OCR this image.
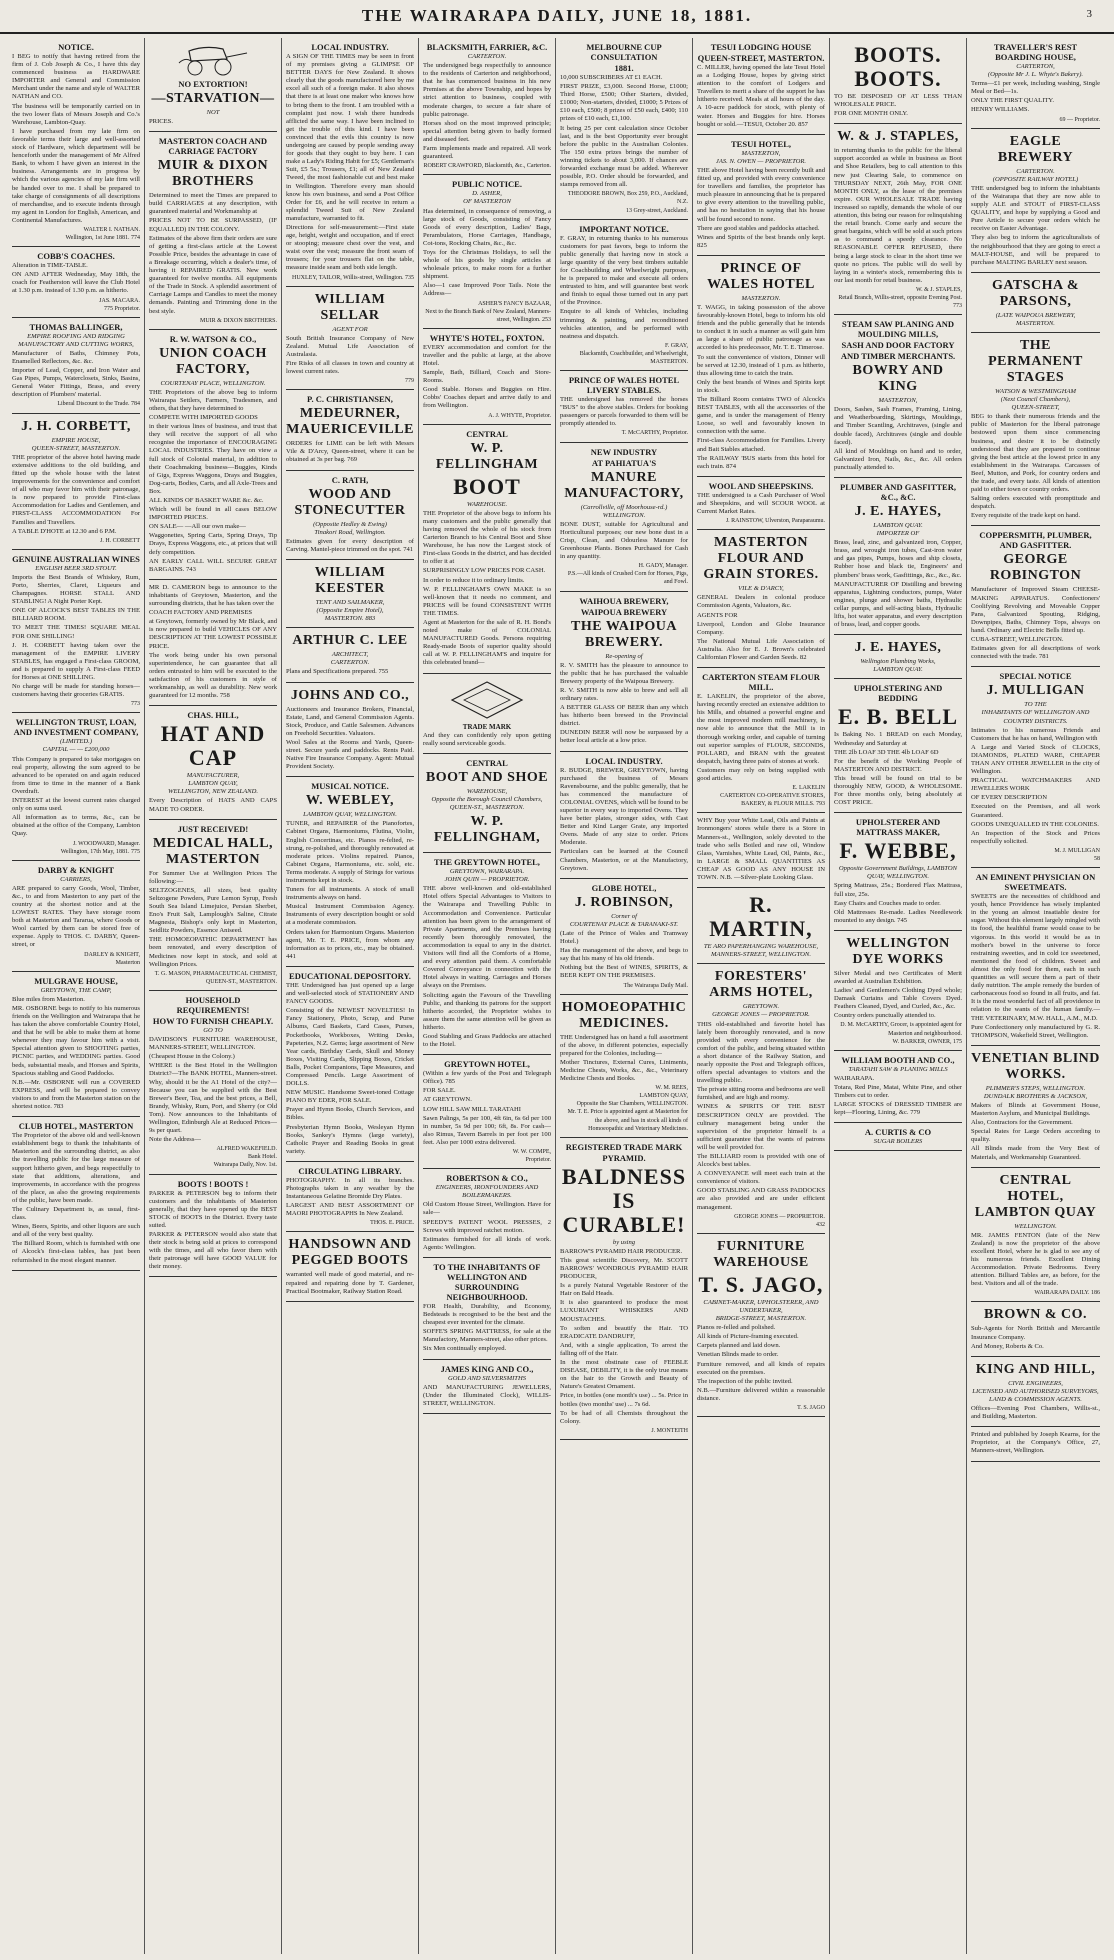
THE WAIRARAPA DAILY, JUNE 18, 1881.	3
NOTICE.

I BEG to notify that having retired from the firm of J. Cob Joseph & Co., I have this day commenced business as HARDWARE IMPORTER and General and Commission Merchant under the name and style of WALTER NATHAN and CO.

The business will be temporarily carried on in the two lower flats of Messrs Joseph and Co.'s Warehouse, Lambton-Quay.

I have purchased from my late firm on favorable terms their large and well-assorted stock of Hardware, which department will be henceforth under the management of Mr Alfred Bank, to whom I have given an interest in the business. Arrangements are in progress by which the various agencies of my late firm will be handed over to me. I shall be prepared to take charge of consignments of all descriptions of merchandise, and to execute indents through my agent in London for English, American, and Continental Manufactures.

WALTER I. NATHAN.
Wellington, 1st June 1881. 774
COBB'S COACHES.

Alteration in TIME-TABLE.

ON AND AFTER Wednesday, May 18th, the coach for Featherston will leave the Club Hotel at 1.30 p.m. instead of 1.30 p.m. as hitherto.

JAS. MACARA.
775 Proprietor.
THOMAS BALLINGER,
EMPIRE ROOFING AND RIDGING MANUFACTORY AND CUTTING WORKS,

Manufacturer of Baths, Chimney Pots, Enamelled Reflectors, &c. &c.

Importer of Lead, Copper, and Iron Water and Gas Pipes, Pumps, Waterclosets, Sinks, Basins, General Water Fittings, Brass, and every description of Plumbers' material.

Liberal Discount to the Trade. 784
J. H. CORBETT,
EMPIRE HOUSE,
QUEEN-STREET, MASTERTON.

THE proprietor of the above hotel having made extensive additions to the old building, and fitted up the whole house with the latest improvements for the convenience and comfort of all who may favor him with their patronage, is now prepared to provide First-class Accommodation for Ladies and Gentlemen, and FIRST-CLASS ACCOMMODATION For Families and Travellers.

A TABLE D'HOTE at 12.30 and 6 P.M.

J. H. CORBETT
GENUINE AUSTRALIAN WINES
ENGLISH BEER 3RD STOUT.

Imports the Best Brands of Whiskey, Rum, Porto, Sherries, Claret, Liqueurs and Champagnes. HORSE STALL AND STABLING! A Night Porter Kept.

ONE OF ALCOCK'S BEST TABLES IN THE BILLIARD ROOM.

TO MEET THE TIMES! SQUARE MEAL FOR ONE SHILLING!

J. H. CORBETT having taken over the management of the EMPIRE LIVERY STABLES, has engaged a First-class GROOM, and is prepared to supply A First-class FEED for Horses at ONE SHILLING.

No charge will be made for standing horses—customers having their groceries GRATIS.

773
WELLINGTON TRUST, LOAN, AND INVESTMENT COMPANY,
(LIMITED.)
CAPITAL — — £200,000

This Company is prepared to take mortgages on real property, allowing the sum agreed to be advanced to be operated on and again reduced from time to time in the manner of a Bank Overdraft.

INTEREST at the lowest current rates charged only on sums used.

All information as to terms, &c., can be obtained at the office of the Company, Lambton Quay.

J. WOODWARD, Manager.
Wellington, 17th May, 1881. 775
DARBY & KNIGHT
CARRIERS,

ARE prepared to carry Goods, Wool, Timber, &c., to and from Masterton to any part of the country at the shortest notice and at the LOWEST RATES. They have storage room both at Masterton and Tararua, where Goods or Wool carried by them can be stored free of expense. Apply to THOS. C. DARBY, Queen-street, or

DARLEY & KNIGHT,
Masterton
MULGRAVE HOUSE,
GREYTOWN, THE CAMP,

Blue miles from Masterton.

MR. OSBORNE begs to notify to his numerous friends on the Wellington and Wairarapa that he has taken the above comfortable Country Hotel, and that he will be able to make them at home whenever they may favour him with a visit. Special attention given to SHOOTING parties, PICNIC parties, and WEDDING parties. Good beds, substantial meals, and Horses and Spirits, Spacious stabling and Good Paddocks.

N.B.—Mr. OSBORNE will run a COVERED EXPRESS, and will be prepared to convey visitors to and from the Masterton station on the shortest notice. 783

CLUB HOTEL, MASTERTON

The Proprietor of the above old and well-known establishment begs to thank the inhabitants of Masterton and the surrounding district, as also the travelling public for the large measure of support hitherto given, and begs respectfully to state that additions, alterations, and improvements, in accordance with the progress of the place, as also the growing requirements of the public, have been made.

The Culinary Department is, as usual, first-class.

Wines, Beers, Spirits, and other liquors are such and all of the very best quality.

The Billiard Room, which is furnished with one of Alcock's first-class tables, has just been refurnished in the most elegant manner.

NO EXTORTION!
—STARVATION—
NOT

PRICES.

MASTERTON COACH AND CARRIAGE FACTORY
MUIR & DIXON BROTHERS

Determined to meet the Times are prepared to build CARRIAGES at any description, with guaranteed material and Workmanship at

PRICES NOT TO BE SURPASSED, (IF EQUALLED) IN THE COLONY.

Estimates of the above firm their orders are sure of getting a first-class article at the Lowest Possible Price, besides the advantage in case of a Breakage occurring, which a dealer's time, of having it REPAIRED GRATIS. New work guaranteed for twelve months. All equipments of the Trade in Stock. A splendid assortment of Carriage Lamps and Candles to meet the money demands. Painting and Trimming done in the best style.

MUIR & DIXON BROTHERS.
R. W. WATSON & CO.,
UNION COACH FACTORY,
COURTENAY PLACE, WELLINGTON.

THE Proprietors of the above beg to inform Wairarapa Settlers, Farmers, Tradesmen, and others, that they have determined to

COMPETE WITH IMPORTED GOODS

in their various lines of business, and trust that they will receive the support of all who recognise the importance of ENCOURAGING LOCAL INDUSTRIES. They have on view a full stock of Colonial material, in addition to their Coachmaking business—Buggies, Kinds of Gigs, Express Waggons, Drays and Buggies, Dog-carts, Bodies, Carts, and all Axle-Trees and Box.

ALL KINDS OF BASKET WARE &c. &c.

Which will be found in all cases BELOW IMPORTED PRICES.

ON SALE— —All our own make—

Waggonettes, Spring Carts, Spring Drays, Tip Drays, Express Waggons, etc., at prices that will defy competition.

AN EARLY CALL WILL SECURE GREAT BARGAINS. 743

MR D. CAMERON begs to announce to the inhabitants of Greytown, Masterton, and the surrounding districts, that he has taken over the

COACH FACTORY AND PREMISES

at Greytown, formerly owned by Mr Black, and is now prepared to build VEHICLES OF ANY DESCRIPTION AT THE LOWEST POSSIBLE PRICE.

The work being under his own personal superintendence, he can guarantee that all orders entrusted to him will be executed to the satisfaction of his customers in style of workmanship, as well as durability. New work guaranteed for 12 months. 758

CHAS. HILL,
HAT AND CAP
MANUFACTURER,
LAMBTON QUAY,
WELLINGTON, NEW ZEALAND.

Every Description of HATS AND CAPS MADE TO ORDER.

JUST RECEIVED!
MEDICAL HALL, MASTERTON

For Summer Use at Wellington Prices The following:—

SELTZOGENES, all sizes, best quality Seltzogene Powders, Pure Lemon Syrup, Fresh South Sea Island Limejuice, Persian Sherbet, Eno's Fruit Salt, Lamplough's Saline, Citrate Magnesia, Bishop's only kept in Masterton, Seidlitz Powders, Essence Aniseed.

THE HOMOEOPATHIC DEPARTMENT has been renovated, and every description of Medicines now kept in stock, and sold at Wellington Prices.

T. G. MASON, PHARMACEUTICAL CHEMIST, QUEEN-ST., MASTERTON.
HOUSEHOLD REQUIREMENTS!
HOW TO FURNISH CHEAPLY.
GO TO

DAVIDSON'S FURNITURE WAREHOUSE, MANNERS-STREET, WELLINGTON.

(Cheapest House in the Colony.)

WHERE is the Best Hotel in the Wellington District?—The BANK HOTEL, Manners-street. Why, should it be the A1 Hotel of the city?—Because you can be supplied with the Best Brewer's Beer, Tea, and the best prices, a Bell, Brandy, Whisky, Rum, Port, and Sherry (or Old Tom). Now announces to the Inhabitants of Wellington, Edinburgh Ale at Reduced Prices—9s per quart.

Note the Address—

ALFRED WAKEFIELD.
Bank Hotel.
Wairarapa Daily, Nov. 1st.
BOOTS ! BOOTS !

PARKER & PETERSON beg to inform their customers and the inhabitants of Masterton generally, that they have opened up the BEST STOCK of BOOTS in the District. Every taste suited.

PARKER & PETERSON would also state that their stock is being sold at prices to correspond with the times, and all who favor them with their patronage will have GOOD VALUE for their money.

LOCAL INDUSTRY.

A SIGN OF THE TIMES may be seen in front of my premises giving a GLIMPSE OF BETTER DAYS for New Zealand. It shows clearly that the goods manufactured here by me excel all such of a foreign make. It also shows that there is at least one maker who knows how to bring them to the front. I am troubled with a complaint just now. I wish there hundreds afflicted the same way. I have been inclined to get the trouble of this kind. I have been convinced that the evils this country is now undergoing are caused by people sending away for goods that they ought to buy here. I can make a Lady's Riding Habit for £5; Gentleman's Suit, £5 5s.; Trousers, £1; all of New Zealand Tweed, the most fashionable cut and best make in Wellington. Therefore every man should know his own business, and send a Post Office Order for £6, and he will receive in return a splendid Tweed Suit of New Zealand manufacture, warranted to fit.

Directions for self-measurement:—First state age, height, weight and occupation, and if erect or stooping; measure chest over the vest, and waist over the vest; measure the front seam of trousers; for your trousers flat on the table, measure inside seam and both side length.

HUXLEY, TAILOR, Willis-street, Wellington. 735
WILLIAM SELLAR
AGENT FOR

South British Insurance Company of New Zealand. Mutual Life Association of Australasia.

Fire Risks of all classes in town and country at lowest current rates.

779
P. C. CHRISTIANSEN,
MEDEURNER, MAUERICEVILLE

ORDERS for LIME can be left with Messrs Vile & D'Arcy, Queen-street, where it can be obtained at 3s per bag. 769

C. RATH,
WOOD AND STONECUTTER
(Opposite Hedley & Ewing)
Tinakori Road, Wellington.

Estimates given for every description of Carving. Mantel-piece trimmed on the spot. 741

WILLIAM KEESTER
TENT AND SAILMAKER,
(Opposite Empire Hotel),
MASTERTON. 883
ARTHUR C. LEE
ARCHITECT,
CARTERTON.

Plans and Specifications prepared. 755

JOHNS AND CO.,

Auctioneers and Insurance Brokers, Financial, Estate, Land, and General Commission Agents. Stock, Produce, and Cattle Salesmen. Advances on Freehold Securities. Valuators.

Wool Sales at the Rooms and Yards, Queen-street. Secure yards and paddocks. Rents Paid. Native Fire Insurance Company. Agent: Mutual Provident Society.

MUSICAL NOTICE.
W. WEBLEY,
LAMBTON QUAY, WELLINGTON.

TUNER, and REPAIRER of the Pianofortes, Cabinet Organs, Harmoniums, Flutina, Violin, English Concertinas, etc. Pianos re-felted, re-strung, re-polished, and thoroughly renovated at moderate prices. Violins repaired. Pianos, Cabinet Organs, Harmoniums, etc. sold, etc. Terms moderate. A supply of Strings for various instruments kept in stock.

Tuners for all instruments. A stock of small instruments always on hand.

Musical Instrument Commission Agency. Instruments of every description bought or sold at a moderate commission.

Orders taken for Harmonium Organs. Masterton agent, Mr. T. E. PRICE, from whom any information as to prices, etc., may be obtained. 441

EDUCATIONAL DEPOSITORY.

THE Undersigned has just opened up a large and well-selected stock of STATIONERY AND FANCY GOODS.

Consisting of the NEWEST NOVELTIES! In Fancy Stationery, Photo, Scrap, and Purse Albums, Card Baskets, Card Cases, Purses, Pocketbooks, Workboxes, Writing Desks, Papeteries, N.Z. Gems; large assortment of New Year cards, Birthday Cards, Skull and Money Boxes, Visiting Cards, Slipping Boxes, Cricket Balls, Pocket Companions, Tape Measures, and Compressed Pencils. Large Assortment of DOLLS.

NEW MUSIC. Handsome Sweet-toned Cottage PIANO BY EDER, FOR SALE.

Prayer and Hymn Books, Church Services, and Bibles.

Presbyterian Hymn Books, Wesleyan Hymn Books, Sankey's Hymns (large variety), Catholic Prayer and Reading Books in great variety.

CIRCULATING LIBRARY.

PHOTOGRAPHY. In all its branches. Photographs taken in any weather by the Instantaneous Gelatine Bromide Dry Plates.

LARGEST AND BEST ASSORTMENT OF MAORI PHOTOGRAPHS In New Zealand.

THOS. E. PRICE.
HANDSOWN AND PEGGED BOOTS

warranted well made of good material, and re-repaired and repairing done by T. Gardener, Practical Bootmaker, Railway Station Road.

BLACKSMITH, FARRIER, &C.
CARTERTON.

The undersigned begs respectfully to announce to the residents of Carterton and neighborhood, that he has commenced business in his new Premises at the above Township, and hopes by strict attention to business, coupled with moderate charges, to secure a fair share of public patronage.

Horses shod on the most improved principle; special attention being given to badly formed and diseased feet.

Farm implements made and repaired. All work guaranteed.

ROBERT CRAWFORD, Blacksmith, &c., Carterton.
PUBLIC NOTICE.
D. ASHER,
OF MASTERTON

Has determined, in consequence of removing, a large stock of Goods, consisting of Fancy Goods of every description, Ladies' Bags, Perambulators, Horse Carriages, Handbags, Cot-tons, Rocking Chairs, &c., &c.

Toys for the Christmas Holidays, to sell the whole of his goods by single articles at wholesale prices, to make room for a further shipment.

Also—1 case Improved Poor Tails. Note the Address—

ASHER'S FANCY BAZAAR,
Next to the Branch Bank of New Zealand, Manners-street, Wellington. 253
WHYTE'S HOTEL, FOXTON.

EVERY accommodation and comfort for the traveller and the public at large, at the above Hotel.

Sample, Bath, Billiard, Coach and Store-Rooms.

Good Stable. Horses and Buggies on Hire. Cobbs' Coaches depart and arrive daily to and from Wellington.

A. J. WHYTE, Proprietor.
CENTRAL
W. P. FELLINGHAM
BOOT
WAREHOUSE.

THE Proprietor of the above begs to inform his many customers and the public generally that having removed the whole of his stock from Carterton Branch to his Central Boot and Shoe Warehouse, he has now the Largest stock of First-class Goods in the district, and has decided to offer it at

SURPRISINGLY LOW PRICES FOR CASH.

In order to reduce it to ordinary limits.

W. P. FELLINGHAM'S OWN MAKE is so well-known that it needs no comment, and PRICES will be found CONSISTENT WITH THE TIMES.

Agent at Masterton for the sale of R. H. Bond's noted make of COLONIAL MANUFACTURED Goods. Persons requiring Ready-made Boots of superior quality should call at W. P. FELLINGHAM'S and inquire for this celebrated brand—

TRADE MARK

And they can confidently rely upon getting really sound serviceable goods.

CENTRAL
BOOT AND SHOE
WAREHOUSE,
Opposite the Borough Council Chambers,
QUEEN-ST., MASTERTON.
W. P. FELLINGHAM,
THE GREYTOWN HOTEL,
GREYTOWN, WAIRARAPA.
JOHN QUIN — PROPRIETOR.

THE above well-known and old-established Hotel offers Special Advantages to Visitors to the Wairarapa and Travelling Public in Accommodation and Convenience. Particular attention has been given to the arrangement of Private Apartments, and the Premises having recently been thoroughly renovated, the accommodation is equal to any in the district. Visitors will find all the Comforts of a Home, and every attention paid them. A comfortable Covered Conveyance in connection with the Hotel always in waiting. Carriages and Horses always on the Premises.

Soliciting again the Favours of the Travelling Public, and thanking its patrons for the support hitherto accorded, the Proprietor wishes to assure them the same attention will be given as hitherto.

Good Stabling and Grass Paddocks are attached to the Hotel.

GREYTOWN HOTEL,

(Within a few yards of the Post and Telegraph Office). 785

FOR SALE.

AT GREYTOWN.

LOW HILL SAW MILL TARATAHI

Sawn Palings, 5s per 100, 4ft 6in, 6s 6d per 100 in number, 5s 9d per 100; 6ft, 8s. For cash—also Rimus, Tavern Barrels in per foot per 100 feet. Also per 1000 extra delivered.

W. W. COMPE,
Proprietor.
ROBERTSON & CO.,
ENGINEERS, IRONFOUNDERS AND BOILERMAKERS.

Old Custom House Street, Wellington. Have for sale—

SPEEDY'S PATENT WOOL PRESSES, 2 Screws with improved ratchet motion.

Estimates furnished for all kinds of work. Agents: Wellington.

TO THE INHABITANTS OF WELLINGTON AND SURROUNDING NEIGHBOURHOOD.

FOR Health, Durability, and Economy, Bedsteads is recognised to be the best and the cheapest ever invented for the climate.

SOFFE'S SPRING MATTRESS, for sale at the Manufactory, Manners-street, also other prices.

Six Men continually employed.

JAMES KING AND CO.,
GOLD AND SILVERSMITHS

AND MANUFACTURING JEWELLERS, (Under the Illuminated Clock), WILLIS-STREET, WELLINGTON.

MELBOURNE CUP CONSULTATION
1881.

10,000 SUBSCRIBERS AT £1 EACH.

FIRST PRIZE, £3,000. Second Horse, £1000; Third Horse, £500; Other Starters, divided, £1000; Non-starters, divided, £1000; 5 Prizes of £10 each, £500; 8 prizes of £50 each, £400; 110 prizes of £10 each, £1,100.

It being 25 per cent calculation since October last, and is the best Opportunity ever brought before the public in the Australian Colonies. The 150 extra prizes brings the number of winning tickets to about 3,000. If chances are forwarded exchange must be added. Wherever possible, P.O. Order should be forwarded, and stamps removed from all.

THEODORE BROWN, Box 259, P.O., Auckland, N.Z.
13 Grey-street, Auckland.
IMPORTANT NOTICE.

F. GRAY, in returning thanks to his numerous customers for past favors, begs to inform the public generally that having now in stock a large quantity of the very best timbers suitable for Coachbuilding and Wheelwright purposes, he is prepared to make and execute all orders entrusted to him, and will guarantee best work and finish to equal those turned out in any part of the Province.

Enquire to all kinds of Vehicles, including trimming & painting, and reconditioned vehicles attention, and be performed with neatness and dispatch.

F. GRAY,
Blacksmith, Coachbuilder, and Wheelwright, MASTERTON.
PRINCE OF WALES HOTEL LIVERY STABLES.

THE undersigned has removed the horses "BUS" to the above stables. Orders for booking passengers or parcels forwarded to them will be promptly attended to.

T. McCARTHY, Proprietor.
NEW INDUSTRY
AT PAHIATUA'S
MANURE MANUFACTORY,
(Carrollville, off Moorhouse-rd.)
WELLINGTON.

BONE DUST, suitable for Agricultural and Horticultural purposes; our new bone dust in a Crisp, Clean, and Odourless Manure for Greenhouse Plants. Bones Purchased for Cash in any quantity.

H. GADY, Manager.
P.S.—All kinds of Crushed Corn for Horses, Pigs, and Fowl.
WAIHOUA BREWERY,
WAIPOUA BREWERY
THE WAIPOUA BREWERY.
Re-opening of

R. V. SMITH has the pleasure to announce to the public that he has purchased the valuable Brewery property of the Waipoua Brewery.

R. V. SMITH is now able to brew and sell all ordinary rates.

A BETTER GLASS OF BEER than any which has hitherto been brewed in the Provincial district.

DUNEDIN BEER will now be surpassed by a better local article at a low price.

LOCAL INDUSTRY.

R. BUDGE, BREWER, GREYTOWN, having purchased the business of Messrs Ravensbourne, and the public generally, that he has commenced the manufacture of COLONIAL OVENS, which will be found to be superior in every way to imported Ovens. They have better plates, stronger sides, with Cast Better and Kind Larger Grate, any imported Ovens. Made of any size to order. Prices Moderate.

Particulars can be learned at the Council Chambers, Masterton, or at the Manufactory, Greytown.

GLOBE HOTEL,
J. ROBINSON,
Corner of
COURTENAY PLACE & TARANAKI-ST.

(Late of the Prince of Wales and Tramway Hotel.)

Has the management of the above, and begs to say that his many of his old friends.

Nothing but the Best of WINES, SPIRITS, & BEER KEPT ON THE PREMISES.

The Wairarapa Daily Mail.
HOMOEOPATHIC MEDICINES.

THE Undersigned has on hand a full assortment of the above, in different potencies, especially prepared for the Colonies, including—

Mother Tinctures, External Cures, Liniments, Medicine Chests, Works, &c., &c., Veterinary Medicine Chests and Books.

W. M. REES,
LAMBTON QUAY,
Opposite the Star Chambers, WELLINGTON.
Mr. T. E. Price is appointed agent at Masterton for the above, and has in stock all kinds of Homoeopathic and Veterinary Medicines.
REGISTERED TRADE MARK
PYRAMID.
BALDNESS IS CURABLE!
by using

BARROW'S PYRAMID HAIR PRODUCER.

This great scientific Discovery, Mr. SCOTT BARROWS' WONDROUS PYRAMID HAIR PRODUCER,

Is a purely Natural Vegetable Restorer of the Hair on Bald Heads.

It is also guaranteed to produce the most LUXURIANT WHISKERS AND MOUSTACHES.

To soften and beautify the Hair. TO ERADICATE DANDRUFF,

And, with a single application, To arrest the falling off of the Hair.

In the most obstinate case of FEEBLE DISEASE, DEBILITY, it is the only true means on the hair to the Growth and Beauty of Nature's Greatest Ornament.

Price, in bottles (one month's use) ... 5s. Price in bottles (two months' use) ... 7s 6d.

To be had of all Chemists throughout the Colony.

J. MONTEITH
TESUI LODGING HOUSE
QUEEN-STREET, MASTERTON.

C. MILLER, having opened the late Tesui Hotel as a Lodging House, hopes by giving strict attention to the comfort of Lodgers and Travellers to merit a share of the support he has hitherto received. Meals at all hours of the day. A 10-acre paddock for stock, with plenty of water. Horses and Buggies for hire. Horses bought or sold.—TESUI, October 20. 857

TESUI HOTEL,
MASTERTON,
JAS. N. OWEN — PROPRIETOR.

THE above Hotel having been recently built and fitted up, and provided with every convenience for travellers and families, the proprietor has much pleasure in announcing that he is prepared to give every attention to the travelling public, and has no hesitation in saying that his house will be found second to none.

There are good stables and paddocks attached.

Wines and Spirits of the best brands only kept. 825

PRINCE OF WALES HOTEL
MASTERTON.

T. WAGG, in taking possession of the above favourably-known Hotel, begs to inform his old friends and the public generally that he intends to conduct it in such a manner as will gain him as large a share of public patronage as was accorded to his predecessor, Mr. T. E. Timerose.

To suit the convenience of visitors, Dinner will be served at 12.30, instead of 1 p.m. as hitherto, thus allowing time to catch the train.

Only the best brands of Wines and Spirits kept in stock.

The Billiard Room contains TWO of Alcock's BEST TABLES, with all the accessories of the game, and is under the management of Henry Loose, so well and favourably known in connection with the same.

First-class Accommodation for Families. Livery and Bait Stables attached.

The RAILWAY 'BUS starts from this hotel for each train. 874

WOOL AND SHEEPSKINS.

THE undersigned is a Cash Purchaser of Wool and Sheepskins, and will SCOUR WOOL at Current Market Rates.

J. RAINSTOW, Ulverston, Paraparaumu.
MASTERTON FLOUR AND GRAIN STORES.
VILE & D'ARCY,

GENERAL Dealers in colonial produce Commission Agents, Valuators, &c.

AGENTS FOR

Liverpool, London and Globe Insurance Company.

The National Mutual Life Association of Australia. Also for E. J. Brown's celebrated Californian Flower and Garden Seeds. 82

CARTERTON STEAM FLOUR MILL.

E. LAKELIN, the proprietor of the above, having recently erected an extensive addition to his Mills, and obtained a powerful engine and the most improved modern mill machinery, is now able to announce that the Mill is in thorough working order, and capable of turning out superior samples of FLOUR, SECONDS, POLLARD, and BRAN with the greatest despatch, having three pairs of stones at work.

Customers may rely on being supplied with good articles.

E. LAKELIN
CARTERTON CO-OPERATIVE STORES, BAKERY, & FLOUR MILLS. 793

WHY Buy your White Lead, Oils and Paints at Ironmongers' stores while there is a Store in Manners-st., Wellington, solely devoted to the trade who sells Boiled and raw oil, Window Glass, Varnishes, White Lead, Oil, Paints, &c., in LARGE & SMALL QUANTITIES AS CHEAP AS GOOD AS ANY HOUSE IN TOWN. N.B. —Silver-plate Looking Glass.

R. MARTIN,
TE ARO PAPERHANGING WAREHOUSE,
MANNERS-STREET, WELLINGTON.
FORESTERS' ARMS HOTEL,
GREYTOWN.
GEORGE JONES — PROPRIETOR.

THIS old-established and favorite hotel has lately been thoroughly renovated, and is now provided with every convenience for the comfort of the public, and being situated within a short distance of the Railway Station, and nearly opposite the Post and Telegraph offices, offers special advantages to visitors and the travelling public.

The private sitting rooms and bedrooms are well furnished, and are high and roomy.

WINES & SPIRITS OF THE BEST DESCRIPTION ONLY are provided. The culinary management being under the supervision of the proprietor himself is a sufficient guarantee that the wants of patrons will be well provided for.

The BILLIARD room is provided with one of Alcock's best tables.

A CONVEYANCE will meet each train at the convenience of visitors.

GOOD STABLING AND GRASS PADDOCKS are also provided and are under efficient management.

GEORGE JONES — PROPRIETOR.
432
FURNITURE WAREHOUSE
T. S. JAGO,
CABINET-MAKER, UPHOLSTERER, AND UNDERTAKER,
BRIDGE-STREET, MASTERTON.

Pianos re-felled and polished.

All kinds of Picture-framing executed.

Carpets planned and laid down.

Venetian Blinds made to order.

Furniture removed, and all kinds of repairs executed on the premises.

The inspection of the public invited.

N.B.—Furniture delivered within a reasonable distance.

T. S. JAGO
BOOTS. BOOTS.

TO BE DISPOSED OF AT LESS THAN WHOLESALE PRICE.

FOR ONE MONTH ONLY.

W. & J. STAPLES,

in returning thanks to the public for the liberal support accorded as while in business as Boot and Shoe Retailers, beg to call attention to this new just Clearing Sale, to commence on THURSDAY NEXT, 26th May, FOR ONE MONTH ONLY, as the lease of the premises expire. OUR WHOLESALE TRADE having increased so rapidly, demands the whole of our attention, this being our reason for relinquishing the retail branch. Come early and secure the great bargains, which will be sold at such prices as to command a speedy clearance. No REASONABLE OFFER REFUSED, there being a large stock to clear in the short time we quote no prices. The public will do well by laying in a winter's stock, remembering this is our last month for retail business.

W. & J. STAPLES,
Retail Branch, Willis-street, opposite Evening Post. 773
STEAM SAW PLANING AND MOULDING MILLS,
SASH AND DOOR FACTORY
AND TIMBER MERCHANTS.
BOWRY AND KING
MASTERTON,

Doors, Sashes, Sash Frames, Framing, Lining, and Weatherboarding, Skirtings, Mouldings, and Timber Scantling, Architraves, (single and double faced), Architraves (single and double faced).

All kind of Mouldings on hand and to order, Galvanized Iron, Nails, &c., &c. All orders punctually attended to.

PLUMBER AND GASFITTER, &C., &C.
J. E. HAYES,
LAMBTON QUAY.
IMPORTER OF

Brass, lead, zinc, and galvanized iron, Copper, brass, and wrought iron tubes, Cast-iron water and gas pipes, Pumps, hoses and ship closets, Rubber hose and black tie, Engineers' and plumbers' brass work, Gasfittings, &c., &c., &c.

MANUFACTURER OF Distilling and brewing apparatus, Lightning conductors, pumps, Water engines, plunge and shower baths, Hydraulic cellar pumps, and self-acting blasts, Hydraulic lifts, hot water apparatus, and every description of brass, lead, and copper goods.

J. E. HAYES,
Wellington Plumbing Works,
LAMBTON QUAY.
UPHOLSTERING AND BEDDING
E. B. BELL

Is Baking No. 1 BREAD on each Monday, Wednesday and Saturday at

THE 2lb LOAF 3D THE 4lb LOAF 6D

For the benefit of the Working People of MASTERTON AND DISTRICT.

This bread will be found on trial to be thoroughly NEW, GOOD, & WHOLESOME. For three months only, being absolutely at COST PRICE.

UPHOLSTERER AND MATTRASS MAKER,
F. WEBBE,
Opposite Government Buildings, LAMBTON QUAY, WELLINGTON.

Spring Mattrass, 25s.; Bordered Flax Mattrass, full size, 25s.

Easy Chairs and Couches made to order.

Old Mattresses Re-made. Ladies Needlework mounted to any design. 745

WELLINGTON DYE WORKS

Silver Medal and two Certificates of Merit awarded at Australian Exhibition.

Ladies' and Gentlemen's Clothing Dyed whole; Damask Curtains and Table Covers Dyed. Feathers Cleaned, Dyed, and Curled, &c., &c.

Country orders punctually attended to.

D. M. McCARTHY, Grocer, is appointed agent for Masterton and neighbourhood.
W. BARKER, OWNER, 175
WILLIAM BOOTH AND CO.,
TARATAHI SAW & PLANING MILLS

WAIRARAPA.

Totara, Red Pine, Matai, White Pine, and other Timbers cut to order.

LARGE STOCKS of DRESSED TIMBER are kept—Flooring, Lining, &c. 779

A. CURTIS & CO
SUGAR BOILERS
TRAVELLER'S REST BOARDING HOUSE,
CARTERTON,
(Opposite Mr J. L. Whyte's Bakery).

Terms—£1 per week, including washing, Single Meal or Bed—1s.

ONLY THE FIRST QUALITY.

HENRY WILLIAMS.

69 — Proprietor.
EAGLE BREWERY
CARTERTON.
(OPPOSITE RAILWAY HOTEL)

THE undersigned beg to inform the inhabitants of the Wairarapa that they are now able to supply ALE and STOUT of FIRST-CLASS QUALITY, and hope by supplying a Good and Pure Article to secure your orders which he receive on Easter Advantage.

They also beg to inform the agriculturalists of the neighbourhood that they are going to erect a MALT-HOUSE, and will be prepared to purchase MALTING BARLEY next season.

GATSCHA & PARSONS,
(LATE WAIPOUA BREWERY,
MASTERTON.
THE PERMANENT STAGES
WATSON & WESTMINGHAM
(Next Council Chambers),
QUEEN-STREET,

BEG to thank their numerous friends and the public of Masterton for the liberal patronage bestowed upon them since commencing business, and desire it to be distinctly understood that they are prepared to continue giving the best article at the lowest price in any establishment in the Wairarapa. Carcasses of Beef, Mutton, and Pork, for country orders and the trade, and every taste. All kinds of attention paid to either town or country orders.

Salting orders executed with promptitude and despatch.

Every requisite of the trade kept on hand.

COPPERSMITH, PLUMBER, AND GASFITTER.
GEORGE ROBINGTON

Manufacturer of Improved Steam CHEESE-MAKING APPARATUS. Confectioners' Coolifying Revolving and Moveable Copper Pans, Galvanized Spouting, Ridging, Downpipes, Baths, Chimney Tops, always on hand. Ordinary and Electric Bells fitted up.

CUBA-STREET, WELLINGTON.

Estimates given for all descriptions of work connected with the trade. 781

SPECIAL NOTICE
J. MULLIGAN
TO THE
INHABITANTS OF WELLINGTON AND COUNTRY DISTRICTS.

Intimates to his numerous Friends and Customers that he has on hand, Wellington with

A Large and Varied Stock of CLOCKS, DIAMONDS, PLATED WARE, CHEAPER THAN ANY OTHER JEWELLER in the city of Wellington.

PRACTICAL WATCHMAKERS AND JEWELLERS WORK

OF EVERY DESCRIPTION

Executed on the Premises, and all work Guaranteed.

GOODS UNEQUALLED IN THE COLONIES.

An Inspection of the Stock and Prices respectfully solicited.

M. J. MULLIGAN
58
AN EMINENT PHYSICIAN ON SWEETMEATS.

SWEETS are the necessities of childhood and youth, hence Providence has wisely implanted in the young an almost insatiable desire for sugar. Without this element largely mingled with its food, the healthful frame would cease to be vigorous. In this world it would be as in mother's bowel in the universe to force restraining sweeties, and in cold ice sweetened, mentioned the food of children. Sweet and almost the only food for them, each in such quantities as will secure them a part of their daily nutrition. The ample remedy the burden of carbonaceous food so found in all fruits, and fat. It is the most wonderful fact of all providence in relation to the wants of the human family.—THE VETERINARY, M.W. HALL, A.M., M.D.

Pure Confectionery only manufactured by G. R. THOMPSON, Wakefield Street, Wellington.

VENETIAN BLIND WORKS.
PLIMMER'S STEPS, WELLINGTON.
DUNDALK BROTHERS & JACKSON,

Makers of Blinds at Government House, Masterton Asylum, and Municipal Buildings.

Also, Contractors for the Government.

Special Rates for Large Orders according to quality.

All Blinds made from the Very Best of Materials, and Workmanship Guaranteed.

CENTRAL HOTEL, LAMBTON QUAY
WELLINGTON.

MR. JAMES FENTON (late of the New Zealand) is now the proprietor of the above excellent Hotel, where he is glad to see any of his numerous friends. Excellent Dining Accommodation. Private Bedrooms. Every attention. Billiard Tables are, as before, for the best. Visitors and all of the trade.

WAIRARAPA DAILY. 186
BROWN & CO.

Sub-Agents for North British and Mercantile Insurance Company.

And Money, Roberts & Co.

KING AND HILL,
CIVIL ENGINEERS,
LICENSED AND AUTHORISED SURVEYORS,
LAND & COMMISSION AGENTS.

Offices—Evening Post Chambers, Willis-st., and Building, Masterton.

Printed and published by Joseph Kearns, for the Proprietor, at the Company's Office, 27, Manners-street, Wellington.
